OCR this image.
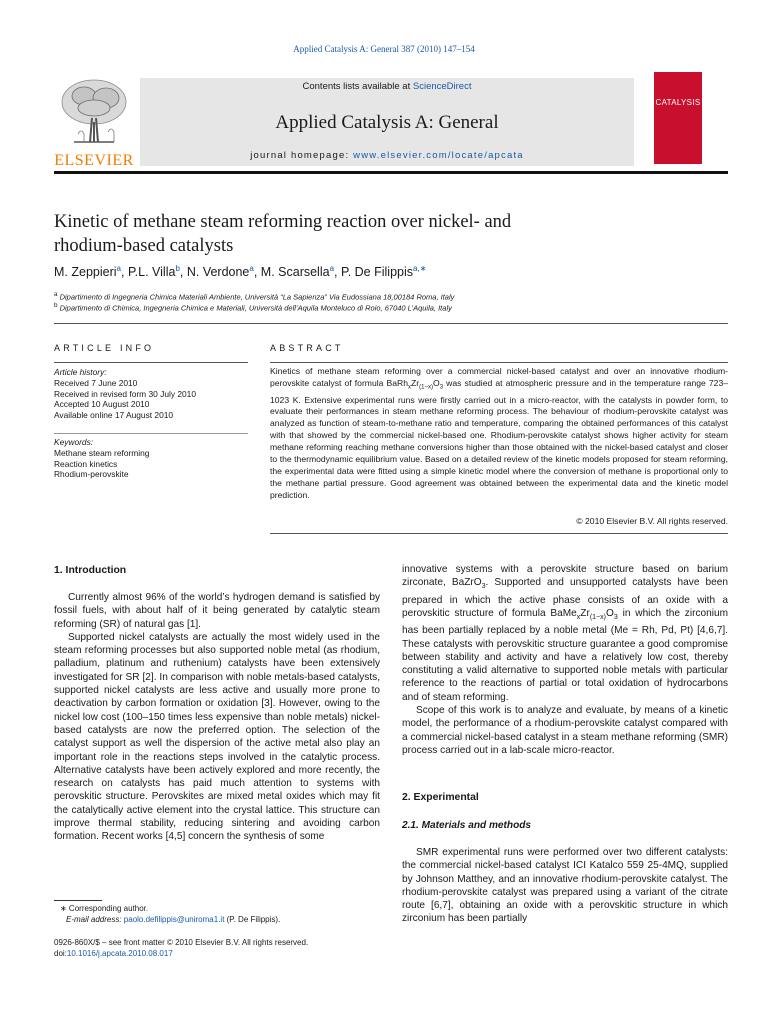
Applied Catalysis A: General 387 (2010) 147–154
ELSEVIER
Contents lists available at ScienceDirect
Applied Catalysis A: General
journal homepage: www.elsevier.com/locate/apcata
CATALYSIS
Kinetic of methane steam reforming reaction over nickel- and
rhodium-based catalysts
M. Zeppieri$^a$, P.L. Villa$^b$, N. Verdone$^a$, M. Scarsella$^a$, P. De Filippis$^{a,∗}$
$^a$ Dipartimento di Ingegneria Chimica Materiali Ambiente, Università “La Sapienza” Via Eudossiana 18,00184 Roma, Italy
$^b$ Dipartimento di Chimica, Ingegneria Chimica e Materiali, Università dell’Aquila Monteluco di Roio, 67040 L’Aquila, Italy
ARTICLE INFO	ABSTRACT
Article history:
Received 7 June 2010
Received in revised form 30 July 2010
Accepted 10 August 2010
Available online 17 August 2010
Keywords:
Methane steam reforming
Reaction kinetics
Rhodium-perovskite
Kinetics of methane steam reforming over a commercial nickel-based catalyst and over an innovative rhodium-perovskite catalyst of formula $BaRh_xZr_{(1-x)}O_3$ was studied at atmospheric pressure and in the temperature range 723–1023 K. Extensive experimental runs were firstly carried out in a micro-reactor, with the catalysts in powder form, to evaluate their performances in steam methane reforming process. The behaviour of rhodium-perovskite catalyst was analyzed as function of steam-to-methane ratio and temperature, comparing the obtained performances of this catalyst with that showed by the commercial nickel-based one. Rhodium-perovskite catalyst shows higher activity for steam methane reforming reaching methane conversions higher than those obtained with the nickel-based catalyst and closer to the thermodynamic equilibrium value. Based on a detailed review of the kinetic models proposed for steam reforming, the experimental data were fitted using a simple kinetic model where the conversion of methane is proportional only to the methane partial pressure. Good agreement was obtained between the experimental data and the kinetic model prediction.
© 2010 Elsevier B.V. All rights reserved.
1. Introduction

Currently almost 96% of the world’s hydrogen demand is satisfied by fossil fuels, with about half of it being generated by catalytic steam reforming (SR) of natural gas [1].

Supported nickel catalysts are actually the most widely used in the steam reforming processes but also supported noble metal (as rhodium, palladium, platinum and ruthenium) catalysts have been extensively investigated for SR [2]. In comparison with noble metals-based catalysts, supported nickel catalysts are less active and usually more prone to deactivation by carbon formation or oxidation [3]. However, owing to the nickel low cost (100–150 times less expensive than noble metals) nickel-based catalysts are now the preferred option. The selection of the catalyst support as well the dispersion of the active metal also play an important role in the reactions steps involved in the catalytic process. Alternative catalysts have been actively explored and more recently, the research on catalysts has paid much attention to systems with perovskitic structure. Perovskites are mixed metal oxides which may fit the catalytically active element into the crystal lattice. This structure can improve thermal stability, reducing sintering and avoiding carbon formation. Recent works [4,5] concern the synthesis of some

innovative systems with a perovskite structure based on barium zirconate, BaZrO$_3$. Supported and unsupported catalysts have been prepared in which the active phase consists of an oxide with a perovskitic structure of formula $BaMe_xZr_{(1-x)}O_3$ in which the zirconium has been partially replaced by a noble metal (Me = Rh, Pd, Pt) [4,6,7]. These catalysts with perovskitic structure guarantee a good compromise between stability and activity and have a relatively low cost, thereby constituting a valid alternative to supported noble metals with particular reference to the reactions of partial or total oxidation of hydrocarbons and of steam reforming.

Scope of this work is to analyze and evaluate, by means of a kinetic model, the performance of a rhodium-perovskite catalyst compared with a commercial nickel-based catalyst in a steam methane reforming (SMR) process carried out in a lab-scale micro-reactor.

2. Experimental
2.1. Materials and methods

SMR experimental runs were performed over two different catalysts: the commercial nickel-based catalyst ICI Katalco 559 25-4MQ, supplied by Johnson Matthey, and an innovative rhodium-perovskite catalyst. The rhodium-perovskite catalyst was prepared using a variant of the citrate route [6,7], obtaining an oxide with a perovskitic structure in which zirconium has been partially

∗ Corresponding author.
E-mail address: paolo.defilippis@uniroma1.it (P. De Filippis).
0926-860X/$ – see front matter © 2010 Elsevier B.V. All rights reserved.
doi:10.1016/j.apcata.2010.08.017
